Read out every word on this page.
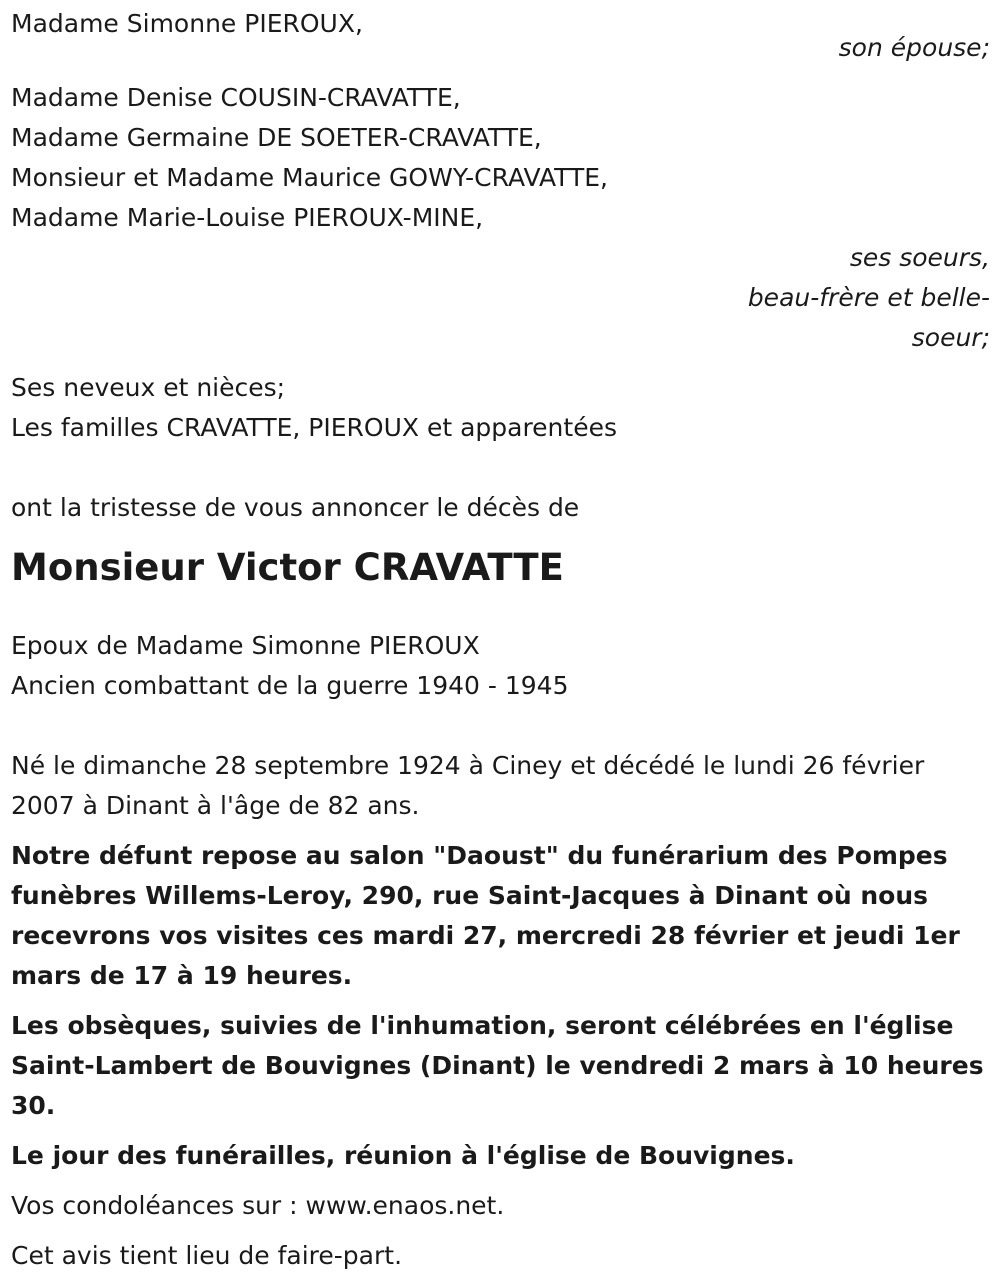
Madame Simonne PIEROUX,
son épouse;
Madame Denise COUSIN-CRAVATTE,
Madame Germaine DE SOETER-CRAVATTE,
Monsieur et Madame Maurice GOWY-CRAVATTE,
Madame Marie-Louise PIEROUX-MINE,
ses soeurs,
beau-frère et belle-
soeur;
Ses neveux et nièces;
Les familles CRAVATTE, PIEROUX et apparentées
ont la tristesse de vous annoncer le décès de
Monsieur Victor CRAVATTE
Epoux de Madame Simonne PIEROUX
Ancien combattant de la guerre 1940 - 1945
Né le dimanche 28 septembre 1924 à Ciney et décédé le lundi 26 février 2007 à Dinant à l'âge de 82 ans.
Notre défunt repose au salon "Daoust" du funérarium des Pompes funèbres Willems-Leroy, 290, rue Saint-Jacques à Dinant où nous recevrons vos visites ces mardi 27, mercredi 28 février et jeudi 1er mars de 17 à 19 heures.
Les obsèques, suivies de l'inhumation, seront célébrées en l'église Saint-Lambert de Bouvignes (Dinant) le vendredi 2 mars à 10 heures 30.
Le jour des funérailles, réunion à l'église de Bouvignes.
Vos condoléances sur : www.enaos.net.
Cet avis tient lieu de faire-part.
